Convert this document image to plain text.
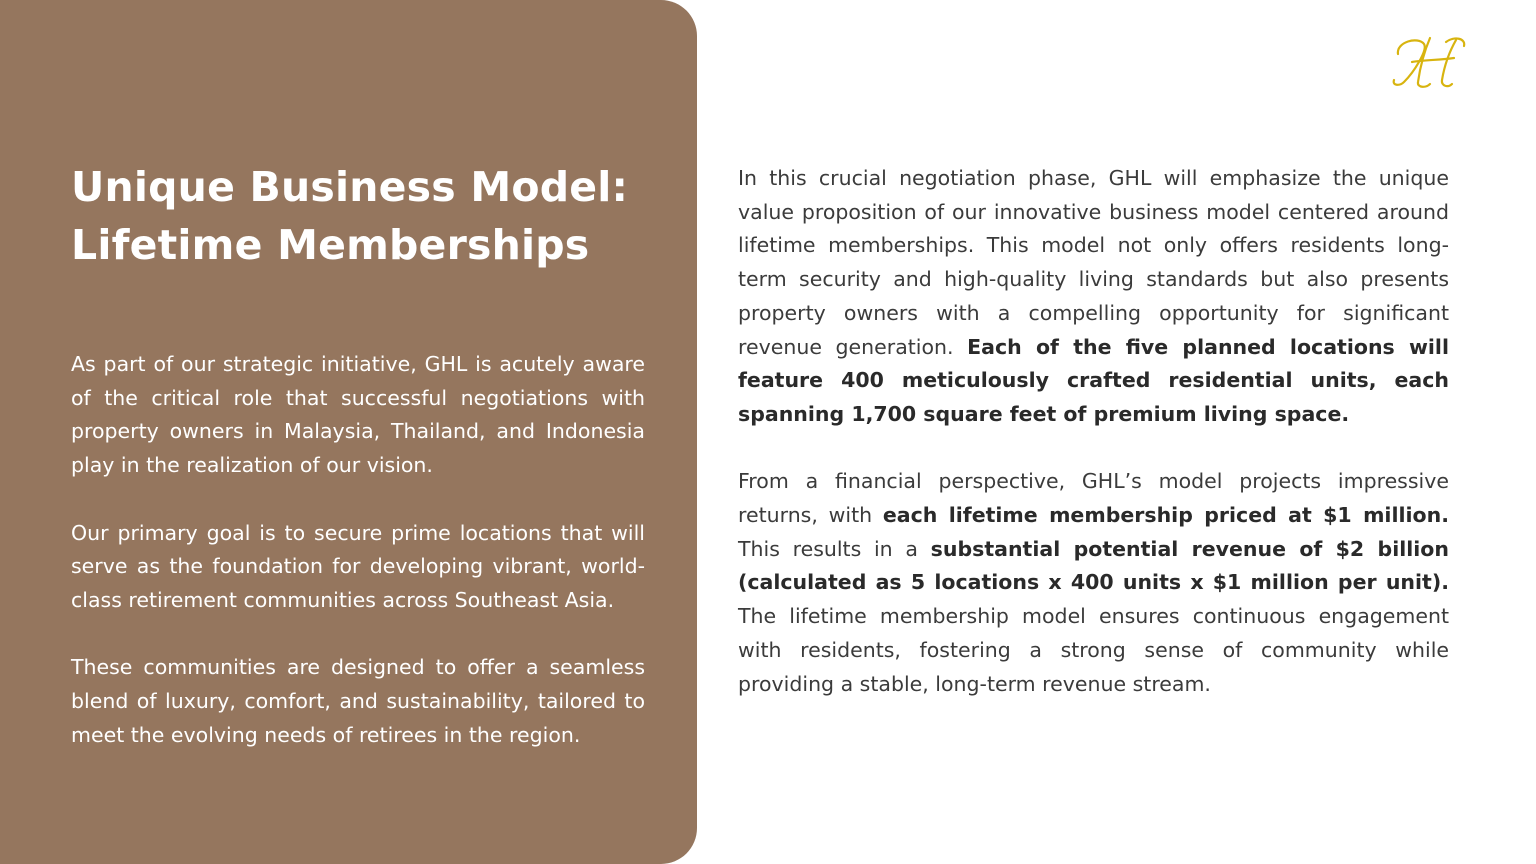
Unique Business Model:
Lifetime Memberships

As part of our strategic initiative, GHL is acutely aware of the critical role that successful negotiations with property owners in Malaysia, Thailand, and Indonesia play in the realization of our vision.

Our primary goal is to secure prime locations that will serve as the foundation for developing vibrant, world-class retirement communities across Southeast Asia.

These communities are designed to offer a seamless blend of luxury, comfort, and sustainability, tailored to meet the evolving needs of retirees in the region.

In this crucial negotiation phase, GHL will emphasize the unique value proposition of our innovative business model centered around lifetime memberships. This model not only offers residents long-term security and high-quality living standards but also presents property owners with a compelling opportunity for significant revenue generation. Each of the five planned locations will feature 400 meticulously crafted residential units, each spanning 1,700 square feet of premium living space.

From a financial perspective, GHL’s model projects impressive returns, with each lifetime membership priced at $1 million. This results in a substantial potential revenue of $2 billion (calculated as 5 locations x 400 units x $1 million per unit). The lifetime membership model ensures continuous engagement with residents, fostering a strong sense of community while providing a stable, long-term revenue stream.
